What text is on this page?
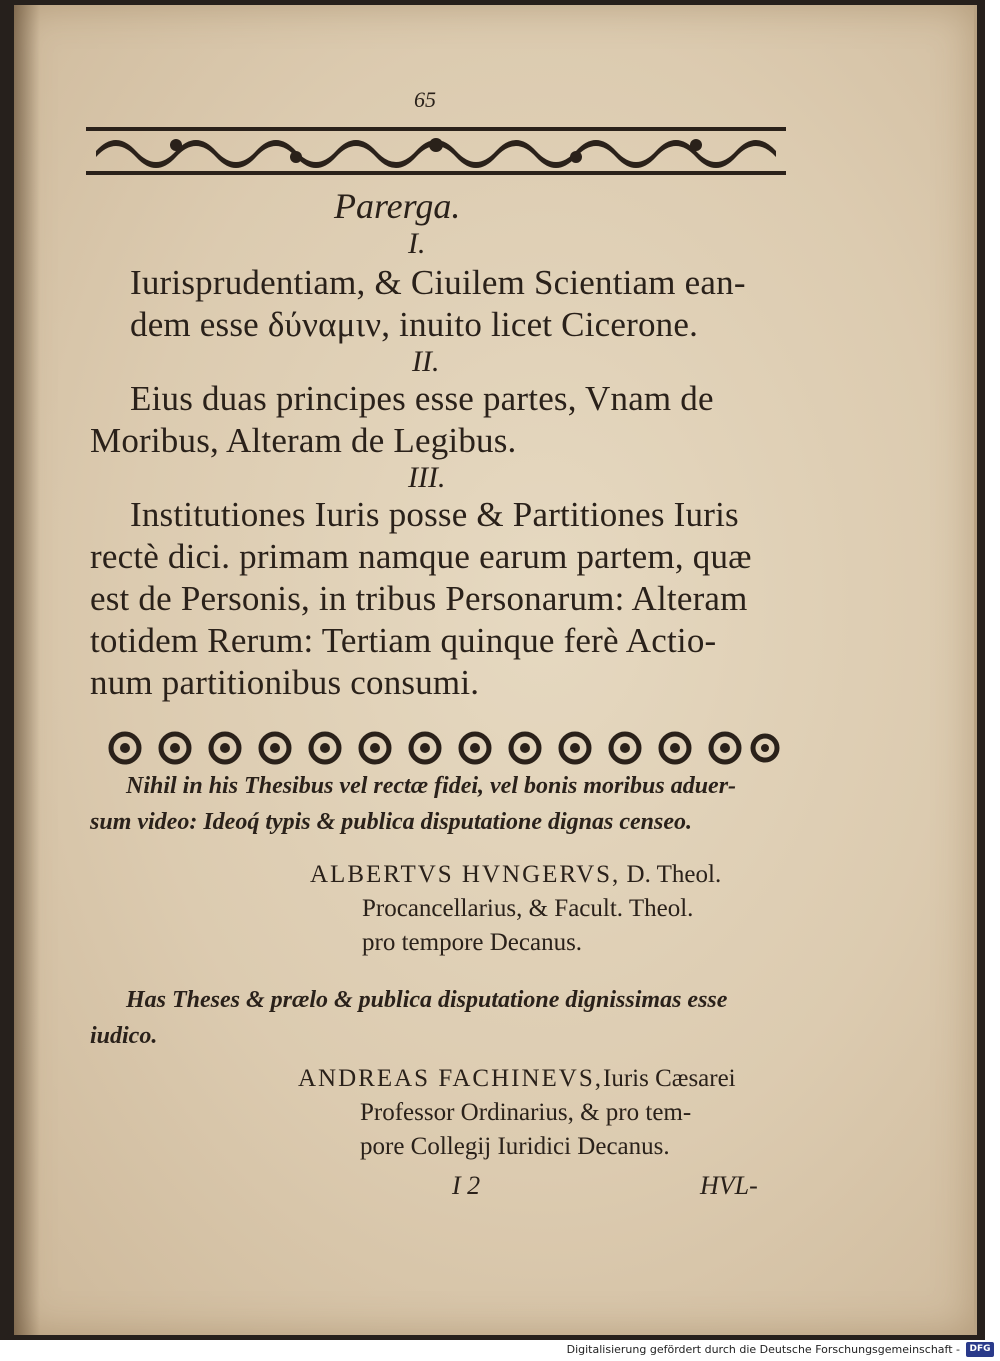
65
Parerga.
I.
Iurisprudentiam, & Ciuilem Scientiam ean-
dem esse δύναμιν, inuito licet Cicerone.
II.
Eius duas principes esse partes, Vnam de
Moribus, Alteram de Legibus.
III.
Institutiones Iuris posse & Partitiones Iuris
rectè dici. primam namque earum partem, quæ
est de Personis, in tribus Personarum: Alteram
totidem Rerum: Tertiam quinque ferè Actio-
num partitionibus consumi.
Nihil in his Thesibus vel rectæ fidei, vel bonis moribus aduer-
sum video: Ideoq́ typis & publica disputatione dignas censeo.
ALBERTVS HVNGERVS, D. Theol.
Procancellarius, & Facult. Theol.
pro tempore Decanus.
Has Theses & prælo & publica disputatione dignissimas esse
iudico.
ANDREAS FACHINEVS,Iuris Cæsarei
Professor Ordinarius, & pro tem-
pore Collegij Iuridici Decanus.
I 2	HVL-
Digitalisierung gefördert durch die Deutsche Forschungsgemeinschaft -	DFG
